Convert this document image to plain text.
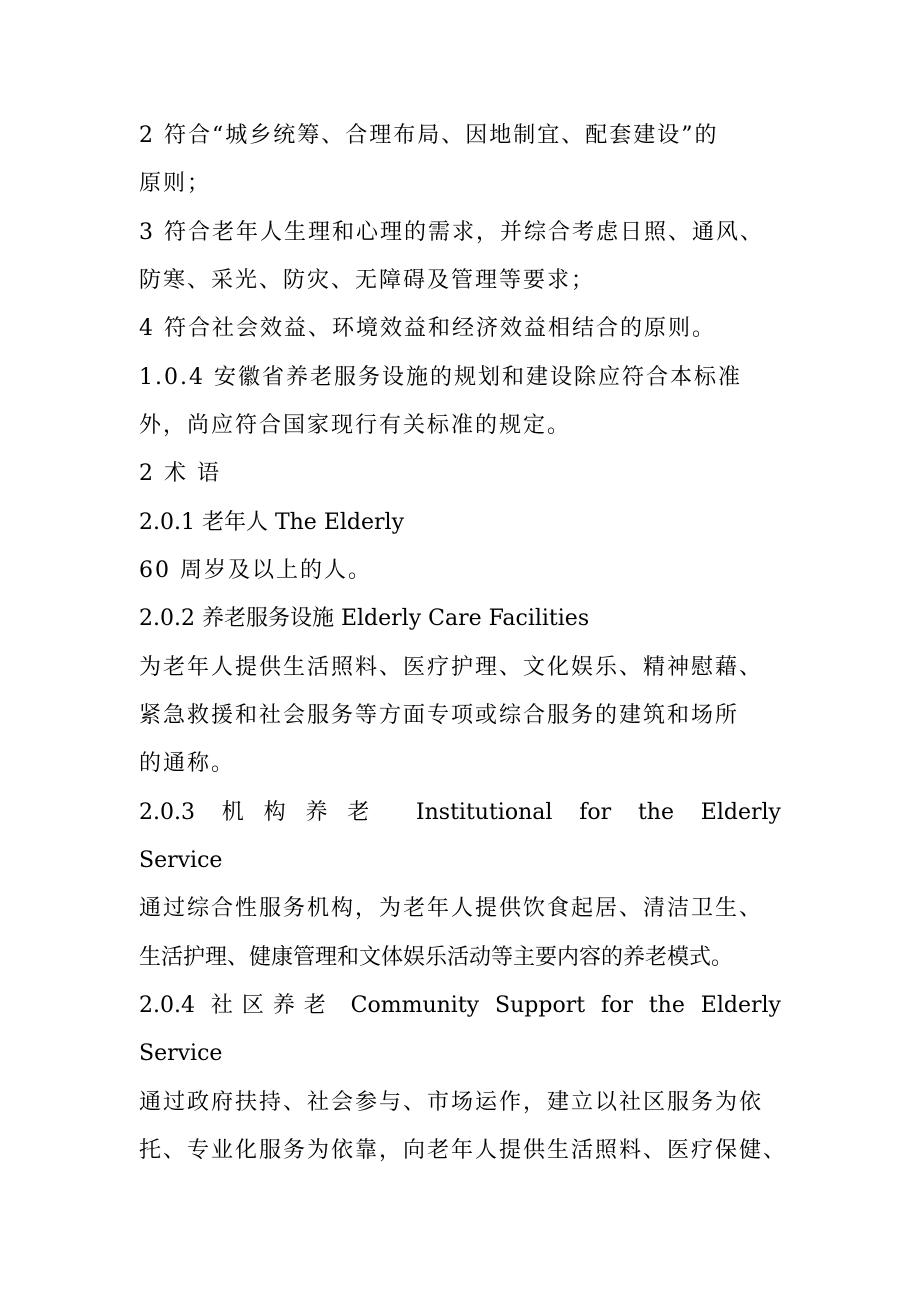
2 符合“城乡统筹、合理布局、因地制宜、配套建设”的
原则；
3 符合老年人生理和心理的需求，并综合考虑日照、通风、
防寒、采光、防灾、无障碍及管理等要求；
4 符合社会效益、环境效益和经济效益相结合的原则。
1.0.4 安徽省养老服务设施的规划和建设除应符合本标准
外，尚应符合国家现行有关标准的规定。
2 术 语
2.0.1 老年人 The Elderly
60 周岁及以上的人。
2.0.2 养老服务设施 Elderly Care Facilities
为老年人提供生活照料、医疗护理、文化娱乐、精神慰藉、
紧急救援和社会服务等方面专项或综合服务的建筑和场所
的通称。
2.0.3 机构养老 Institutional for the Elderly
Service
通过综合性服务机构，为老年人提供饮食起居、清洁卫生、
生活护理、健康管理和文体娱乐活动等主要内容的养老模式。
2.0.4 社区养老 Community Support for the Elderly
Service
通过政府扶持、社会参与、市场运作，建立以社区服务为依
托、专业化服务为依靠，向老年人提供生活照料、医疗保健、
